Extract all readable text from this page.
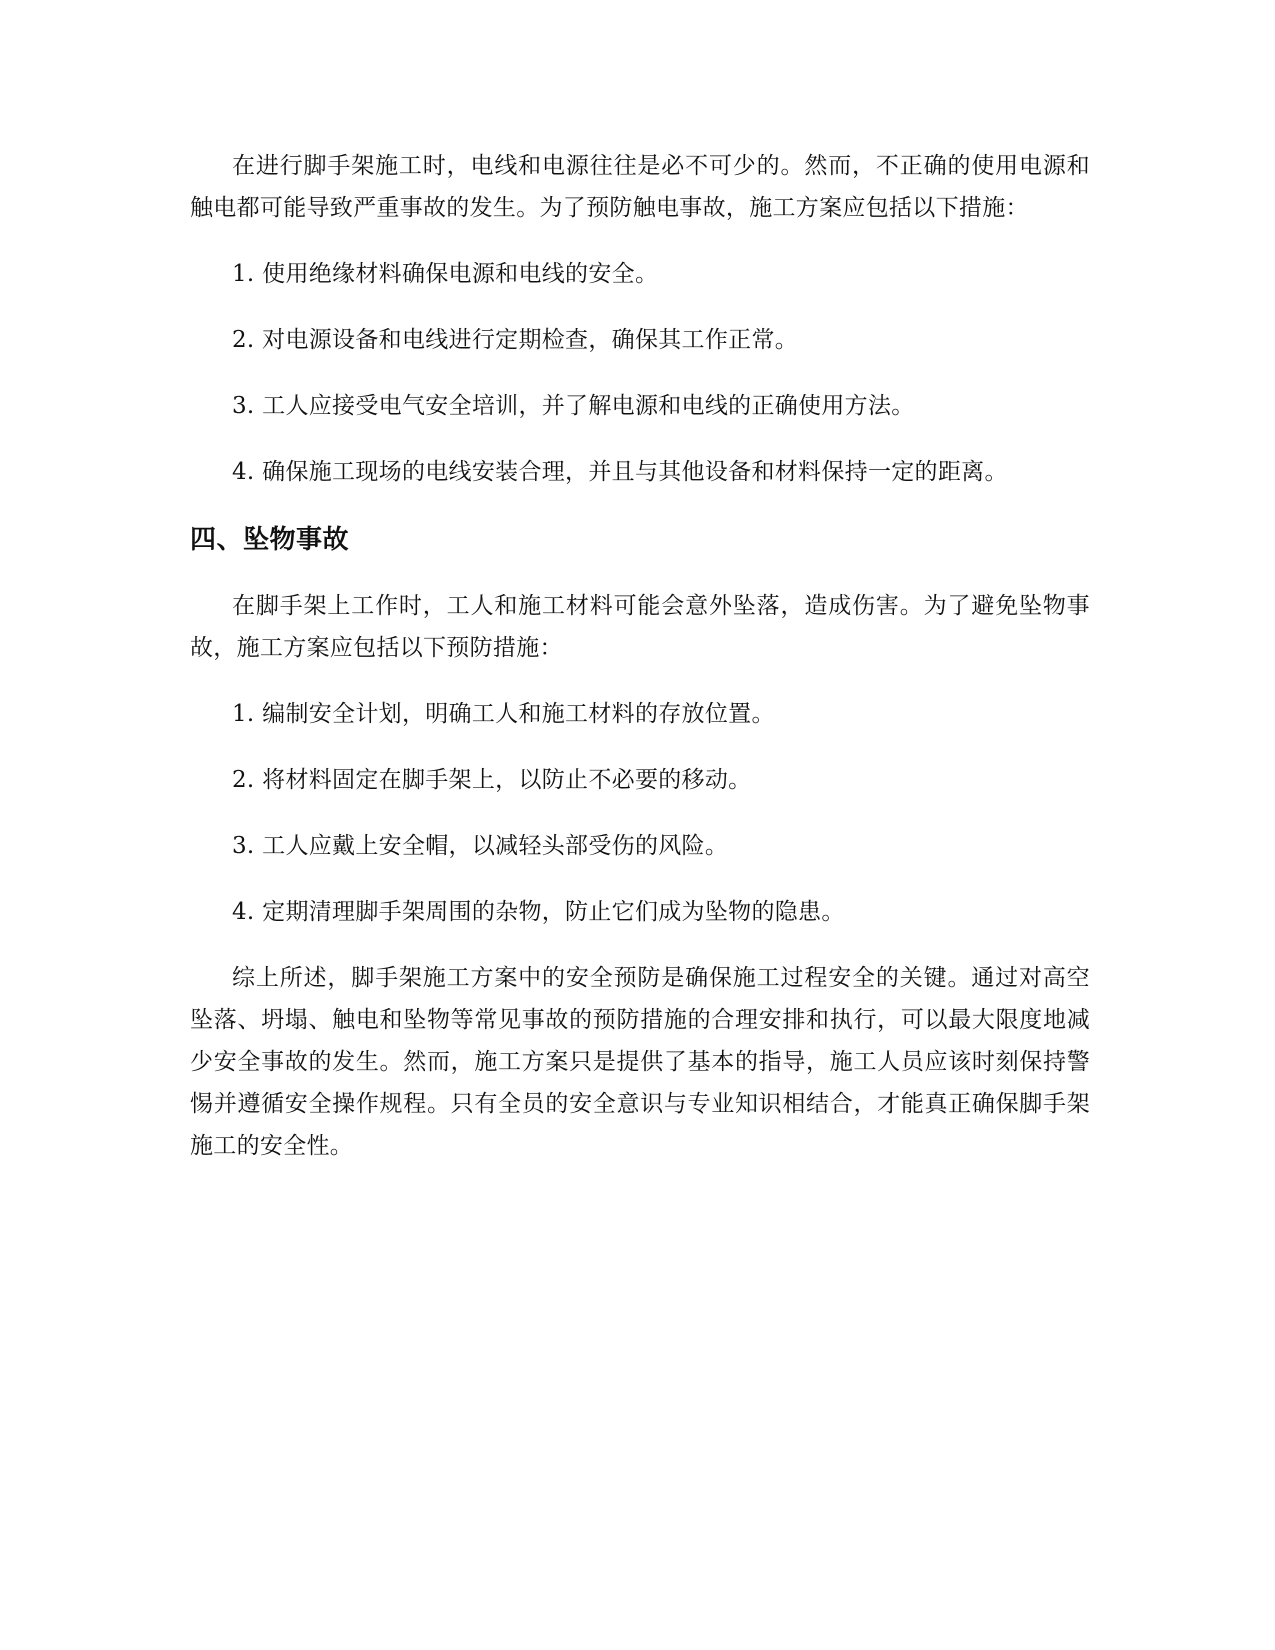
在进行脚手架施工时，电线和电源往往是必不可少的。然而，不正确的使用电源和触电都可能导致严重事故的发生。为了预防触电事故，施工方案应包括以下措施：

1. 使用绝缘材料确保电源和电线的安全。

2. 对电源设备和电线进行定期检查，确保其工作正常。

3. 工人应接受电气安全培训，并了解电源和电线的正确使用方法。

4. 确保施工现场的电线安装合理，并且与其他设备和材料保持一定的距离。

四、坠物事故

在脚手架上工作时，工人和施工材料可能会意外坠落，造成伤害。为了避免坠物事故，施工方案应包括以下预防措施：

1. 编制安全计划，明确工人和施工材料的存放位置。

2. 将材料固定在脚手架上，以防止不必要的移动。

3. 工人应戴上安全帽，以减轻头部受伤的风险。

4. 定期清理脚手架周围的杂物，防止它们成为坠物的隐患。

综上所述，脚手架施工方案中的安全预防是确保施工过程安全的关键。通过对高空坠落、坍塌、触电和坠物等常见事故的预防措施的合理安排和执行，可以最大限度地减少安全事故的发生。然而，施工方案只是提供了基本的指导，施工人员应该时刻保持警惕并遵循安全操作规程。只有全员的安全意识与专业知识相结合，才能真正确保脚手架施工的安全性。
